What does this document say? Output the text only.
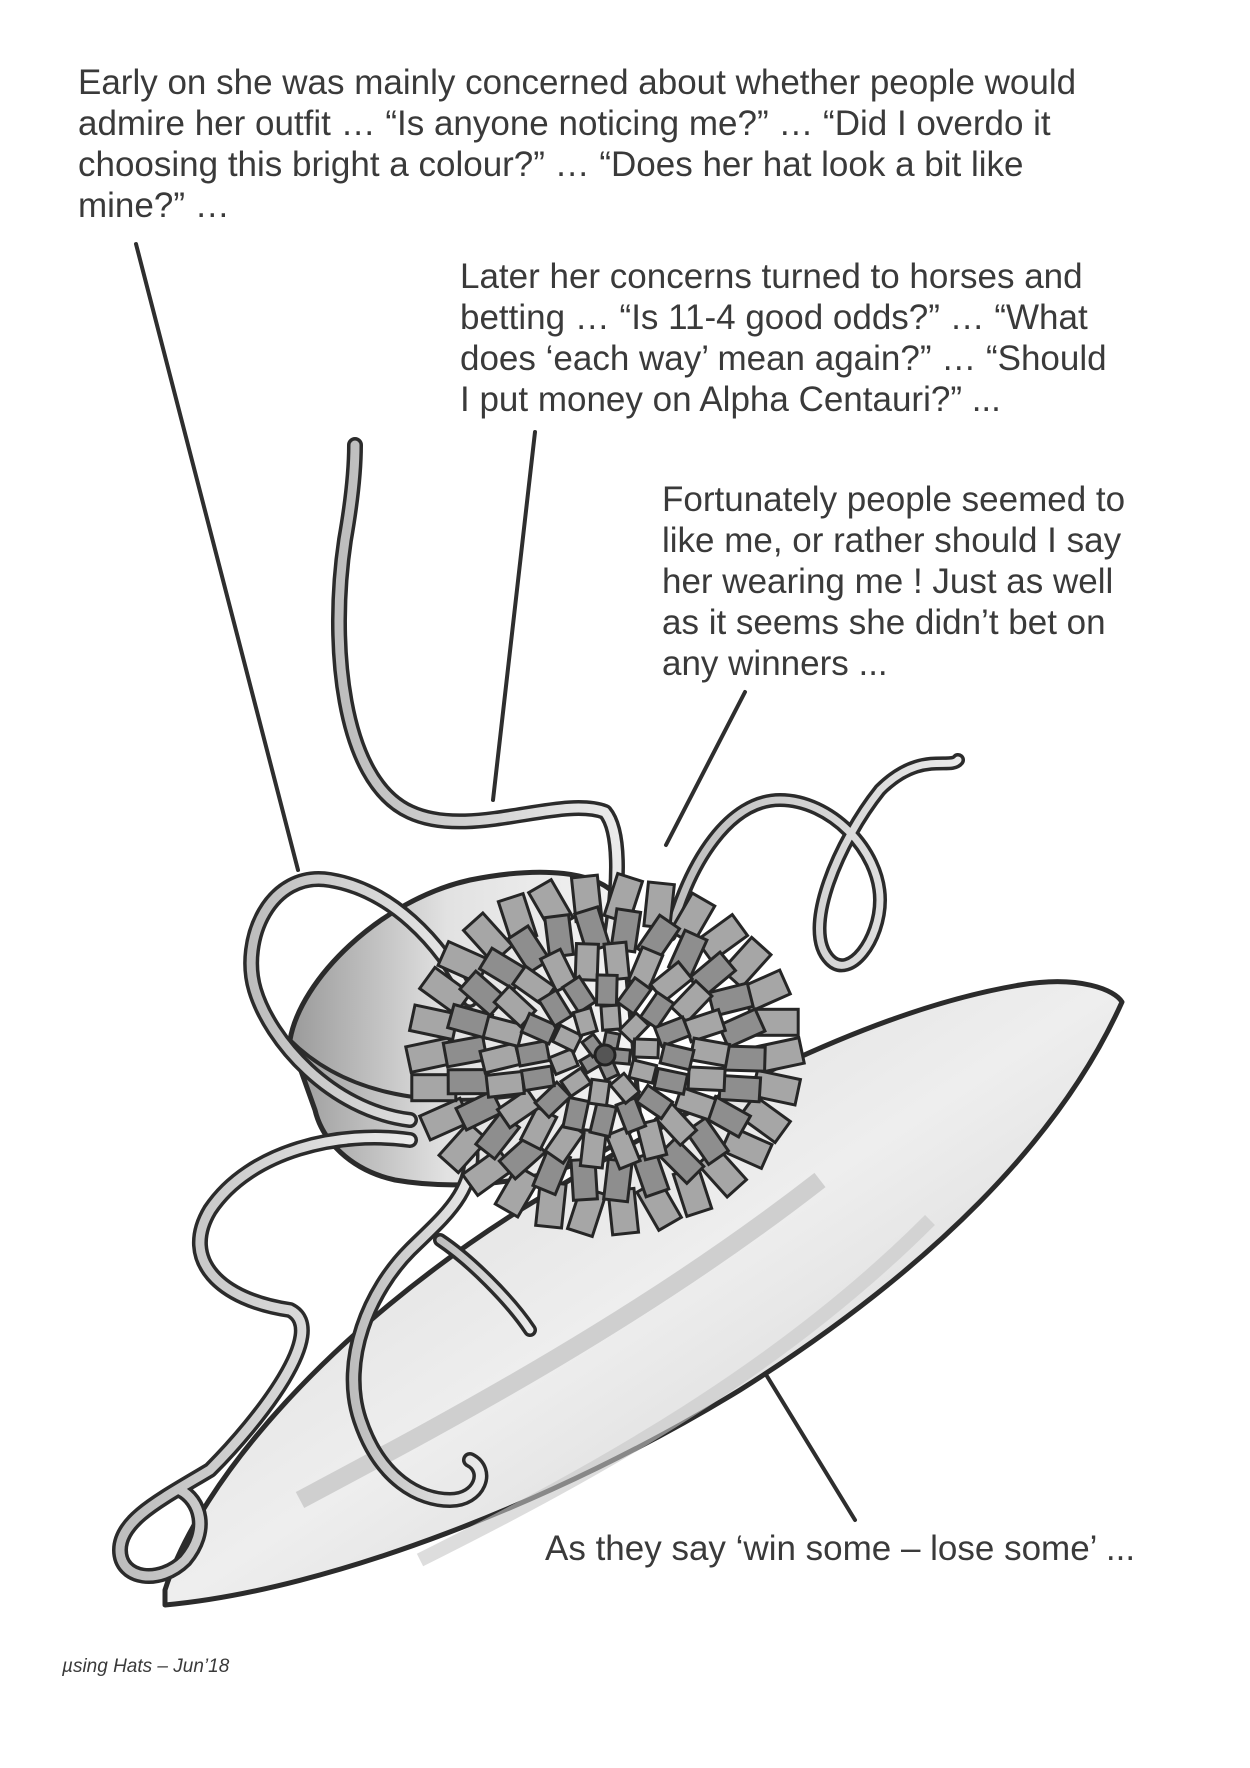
Early on she was mainly concerned about whether people would
admire her outfit … “Is anyone noticing me?” … “Did I overdo it
choosing this bright a colour?” … “Does her hat look a bit like
mine?” …

Later her concerns turned to horses and
betting … “Is 11-4 good odds?” … “What
does ‘each way’ mean again?” … “Should
I put money on Alpha Centauri?” ...

Fortunately people seemed to
like me, or rather should I say
her wearing me ! Just as well
as it seems she didn’t bet on
any winners ...

As they say ‘win some – lose some’ ...

µsing Hats – Jun’18
